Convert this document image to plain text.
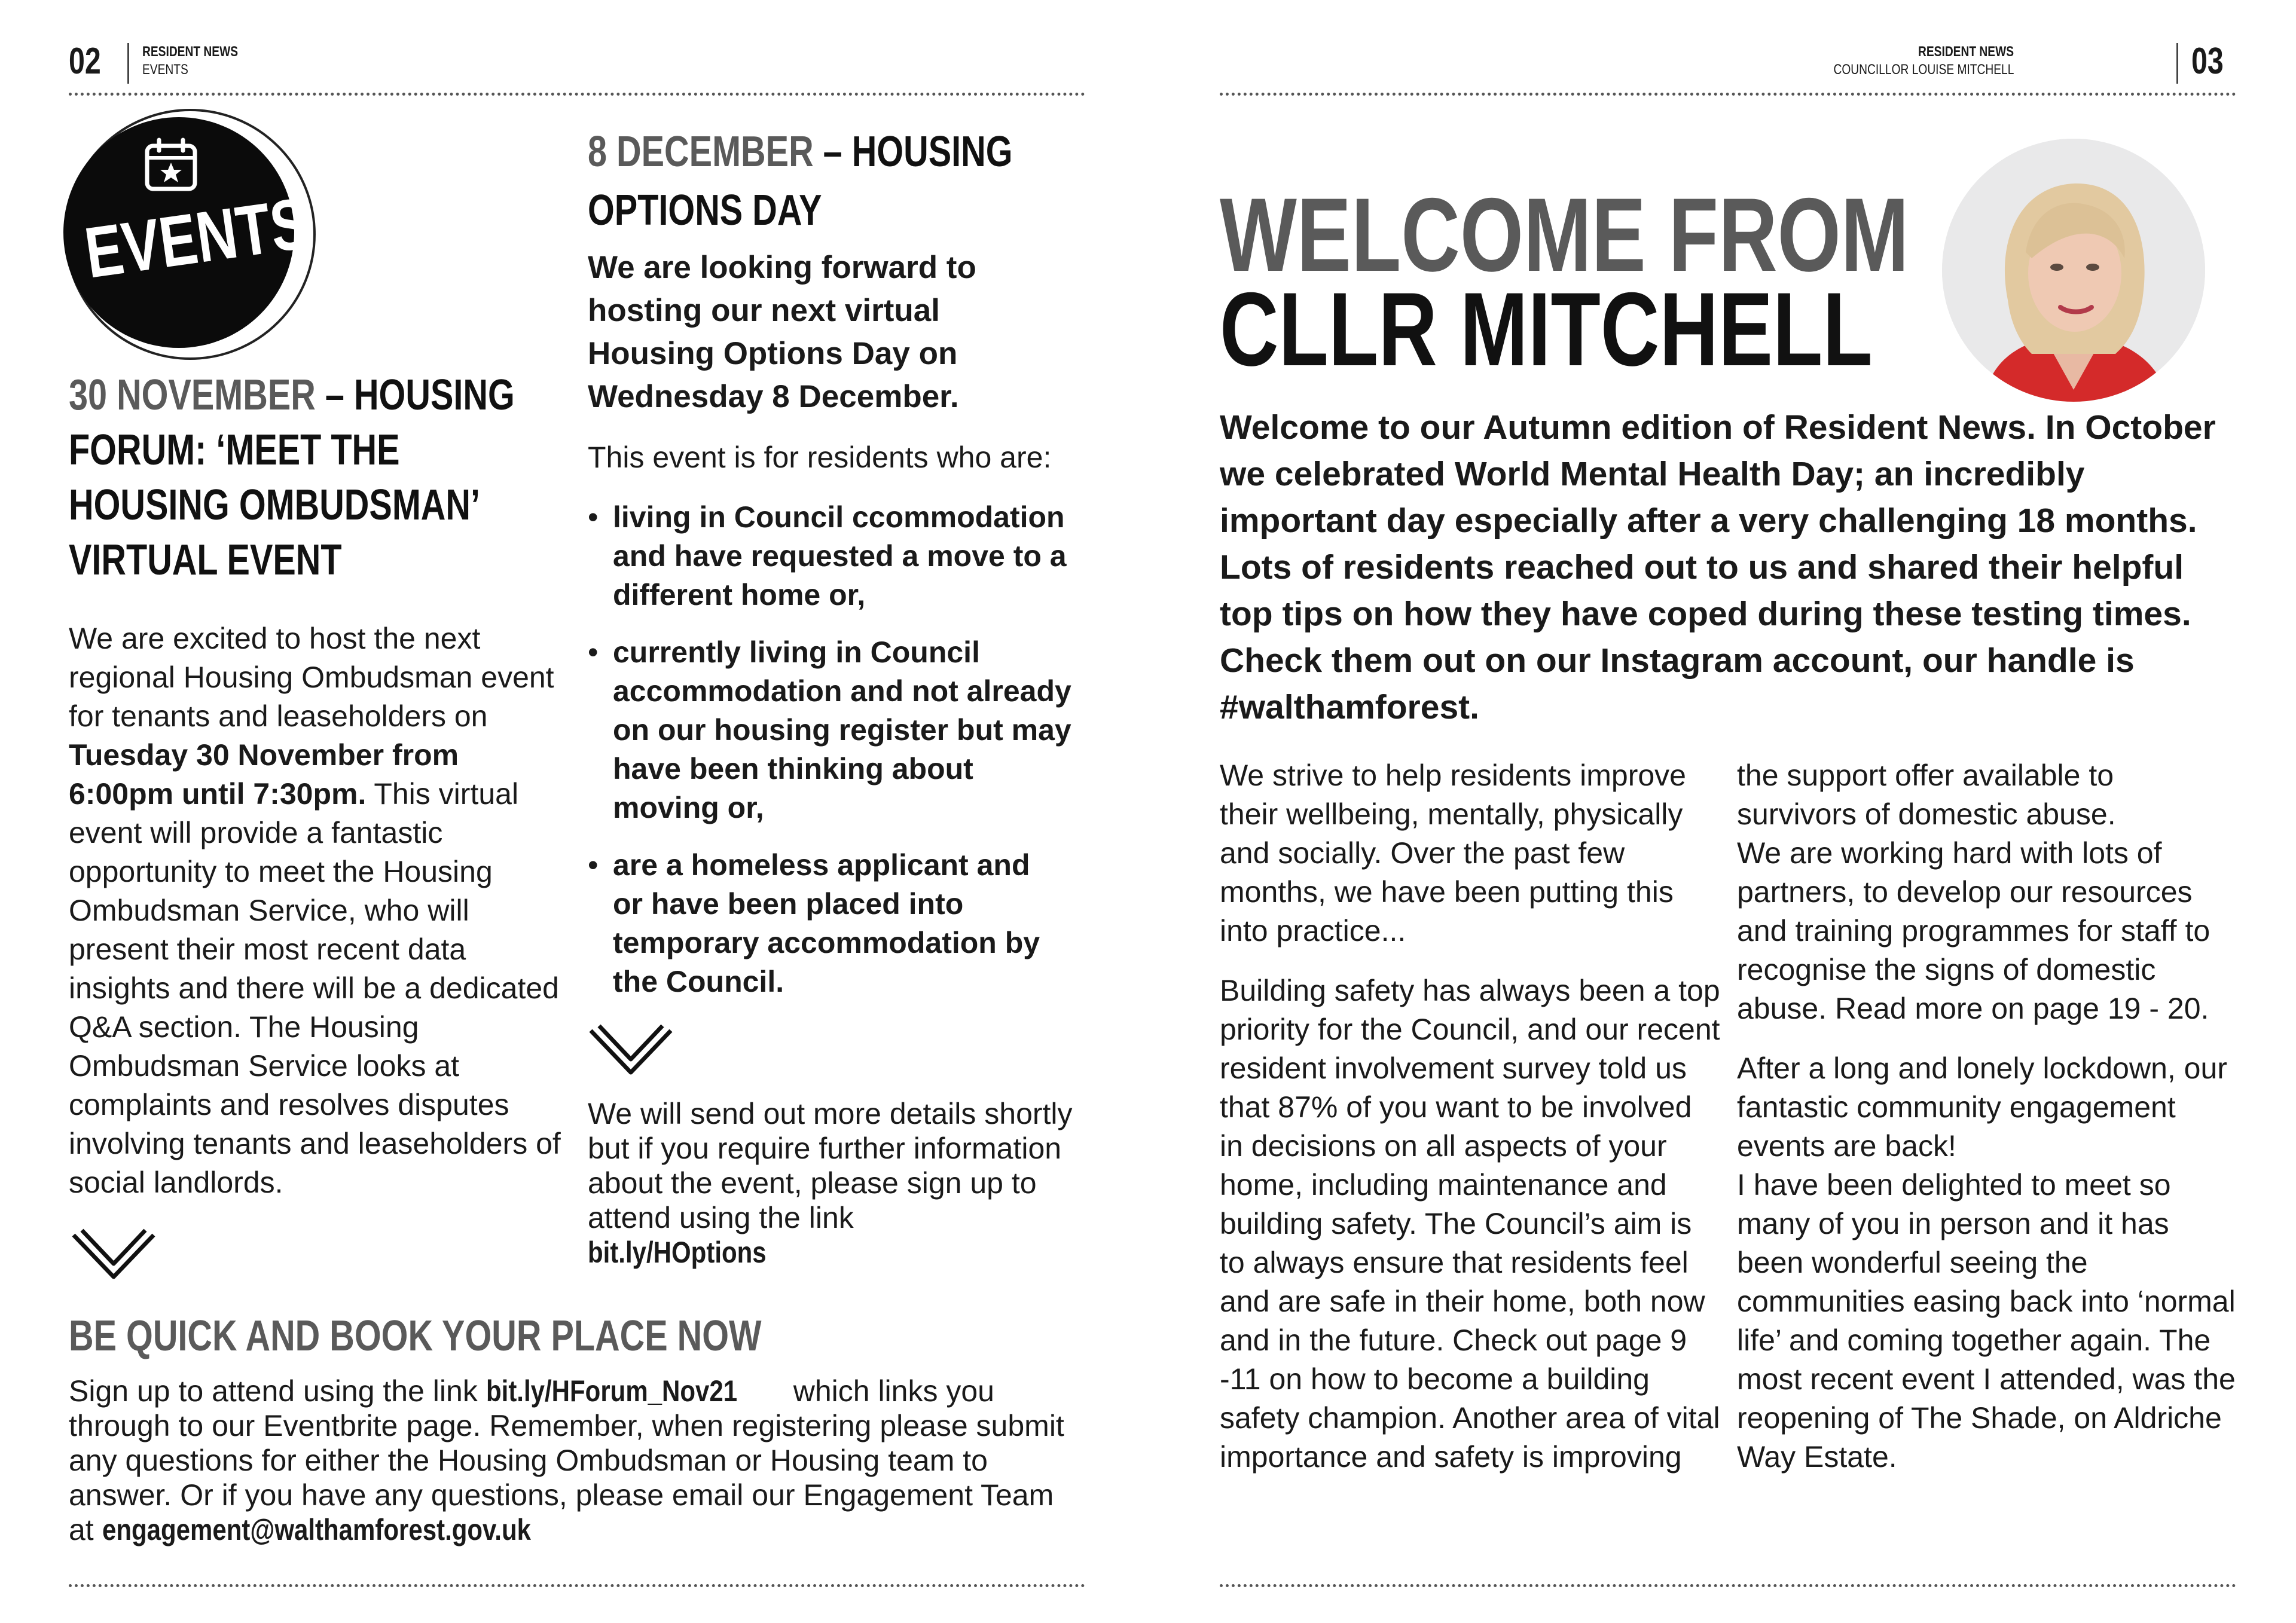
02	RESIDENT NEWS
EVENTS
EVENTS
30 NOVEMBER – HOUSING
FORUM: ‘MEET THE
HOUSING OMBUDSMAN’
VIRTUAL EVENT
We are excited to host the next regional Housing Ombudsman event for tenants and leaseholders on Tuesday 30 November from 6:00pm until 7:30pm. This virtual event will provide a fantastic opportunity to meet the Housing Ombudsman Service, who will present their most recent data insights and there will be a dedicated Q&A section. The Housing Ombudsman Service looks at complaints and resolves disputes involving tenants and leaseholders of social landlords.
8 DECEMBER – HOUSING
OPTIONS DAY
We are looking forward to hosting our next virtual Housing Options Day on Wednesday 8 December.
This event is for residents who are:
• living in Council ccommodation and have requested a move to a different home or,
• currently living in Council accommodation and not already on our housing register but may have been thinking about moving or,
• are a homeless applicant and or have been placed into temporary accommodation by the Council.
We will send out more details shortly but if you require further information about the event, please sign up to attend using the link
bit.ly/HOptions
BE QUICK AND BOOK YOUR PLACE NOW
Sign up to attend using the link bit.ly/HForum_Nov21 which links you through to our Eventbrite page. Remember, when registering please submit any questions for either the Housing Ombudsman or Housing team to answer. Or if you have any questions, please email our Engagement Team at engagement@walthamforest.gov.uk
RESIDENT NEWS
COUNCILLOR LOUISE MITCHELL	03
WELCOME FROM
CLLR MITCHELL
Welcome to our Autumn edition of Resident News. In October we celebrated World Mental Health Day; an incredibly important day especially after a very challenging 18 months. Lots of residents reached out to us and shared their helpful top tips on how they have coped during these testing times. Check them out on our Instagram account, our handle is #walthamforest.
We strive to help residents improve their wellbeing, mentally, physically and socially. Over the past few months, we have been putting this into practice...
Building safety has always been a top priority for the Council, and our recent resident involvement survey told us that 87% of you want to be involved in decisions on all aspects of your home, including maintenance and building safety. The Council’s aim is to always ensure that residents feel and are safe in their home, both now and in the future. Check out page 9 -11 on how to become a building safety champion. Another area of vital importance and safety is improving
the support offer available to survivors of domestic abuse.
We are working hard with lots of partners, to develop our resources and training programmes for staff to recognise the signs of domestic abuse. Read more on page 19 - 20.
After a long and lonely lockdown, our fantastic community engagement events are back!
I have been delighted to meet so many of you in person and it has been wonderful seeing the communities easing back into ‘normal life’ and coming together again. The most recent event I attended, was the reopening of The Shade, on Aldriche Way Estate.
